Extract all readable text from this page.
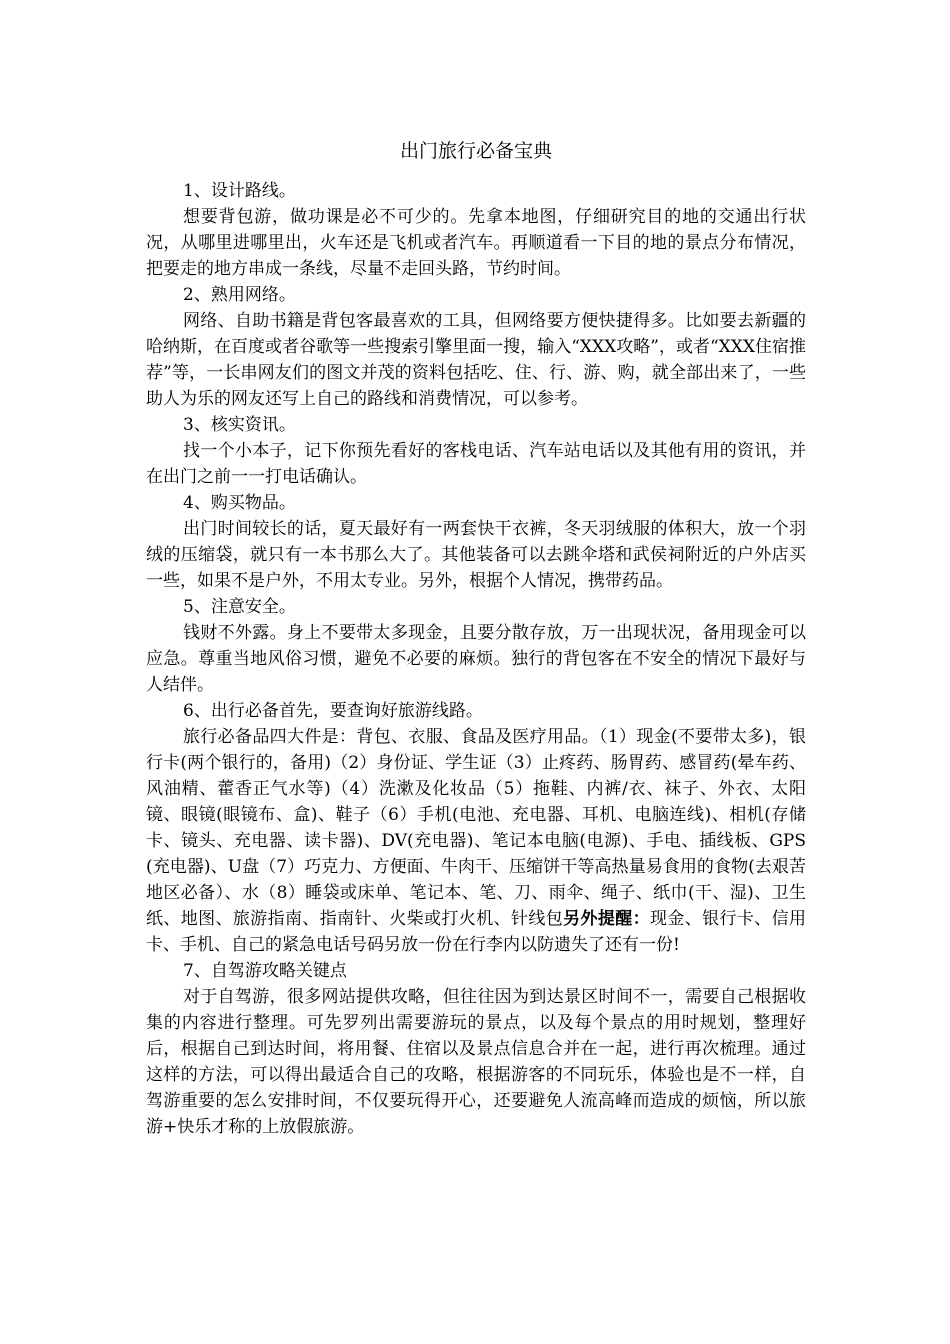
出门旅行必备宝典

1、设计路线。

想要背包游，做功课是必不可少的。先拿本地图，仔细研究目的地的交通出行状况，从哪里进哪里出，火车还是飞机或者汽车。再顺道看一下目的地的景点分布情况，把要走的地方串成一条线，尽量不走回头路，节约时间。

2、熟用网络。

网络、自助书籍是背包客最喜欢的工具，但网络要方便快捷得多。比如要去新疆的哈纳斯，在百度或者谷歌等一些搜索引擎里面一搜，输入“XXX攻略”，或者“XXX住宿推荐”等，一长串网友们的图文并茂的资料包括吃、住、行、游、购，就全部出来了，一些助人为乐的网友还写上自己的路线和消费情况，可以参考。

3、核实资讯。

找一个小本子，记下你预先看好的客栈电话、汽车站电话以及其他有用的资讯，并在出门之前一一打电话确认。

4、购买物品。

出门时间较长的话，夏天最好有一两套快干衣裤，冬天羽绒服的体积大，放一个羽绒的压缩袋，就只有一本书那么大了。其他装备可以去跳伞塔和武侯祠附近的户外店买一些，如果不是户外，不用太专业。另外，根据个人情况，携带药品。

5、注意安全。

钱财不外露。身上不要带太多现金，且要分散存放，万一出现状况，备用现金可以应急。尊重当地风俗习惯，避免不必要的麻烦。独行的背包客在不安全的情况下最好与人结伴。

6、出行必备首先，要查询好旅游线路。

旅行必备品四大件是：背包、衣服、食品及医疗用品。（1）现金(不要带太多)，银行卡(两个银行的，备用)（2）身份证、学生证（3）止疼药、肠胃药、感冒药(晕车药、风油精、藿香正气水等)（4）洗漱及化妆品（5）拖鞋、内裤/衣、袜子、外衣、太阳镜、眼镜(眼镜布、盒)、鞋子（6）手机(电池、充电器、耳机、电脑连线)、相机(存储卡、镜头、充电器、读卡器)、DV(充电器)、笔记本电脑(电源)、手电、插线板、GPS(充电器)、U盘（7）巧克力、方便面、牛肉干、压缩饼干等高热量易食用的食物(去艰苦地区必备）、水（8）睡袋或床单、笔记本、笔、刀、雨伞、绳子、纸巾(干、湿)、卫生纸、地图、旅游指南、指南针、火柴或打火机、针线包另外提醒：现金、银行卡、信用卡、手机、自己的紧急电话号码另放一份在行李内以防遗失了还有一份!

7、自驾游攻略关键点

对于自驾游，很多网站提供攻略，但往往因为到达景区时间不一，需要自己根据收集的内容进行整理。可先罗列出需要游玩的景点，以及每个景点的用时规划，整理好后，根据自己到达时间，将用餐、住宿以及景点信息合并在一起，进行再次梳理。通过这样的方法，可以得出最适合自己的攻略，根据游客的不同玩乐，体验也是不一样，自驾游重要的怎么安排时间，不仅要玩得开心，还要避免人流高峰而造成的烦恼，所以旅游+快乐才称的上放假旅游。
